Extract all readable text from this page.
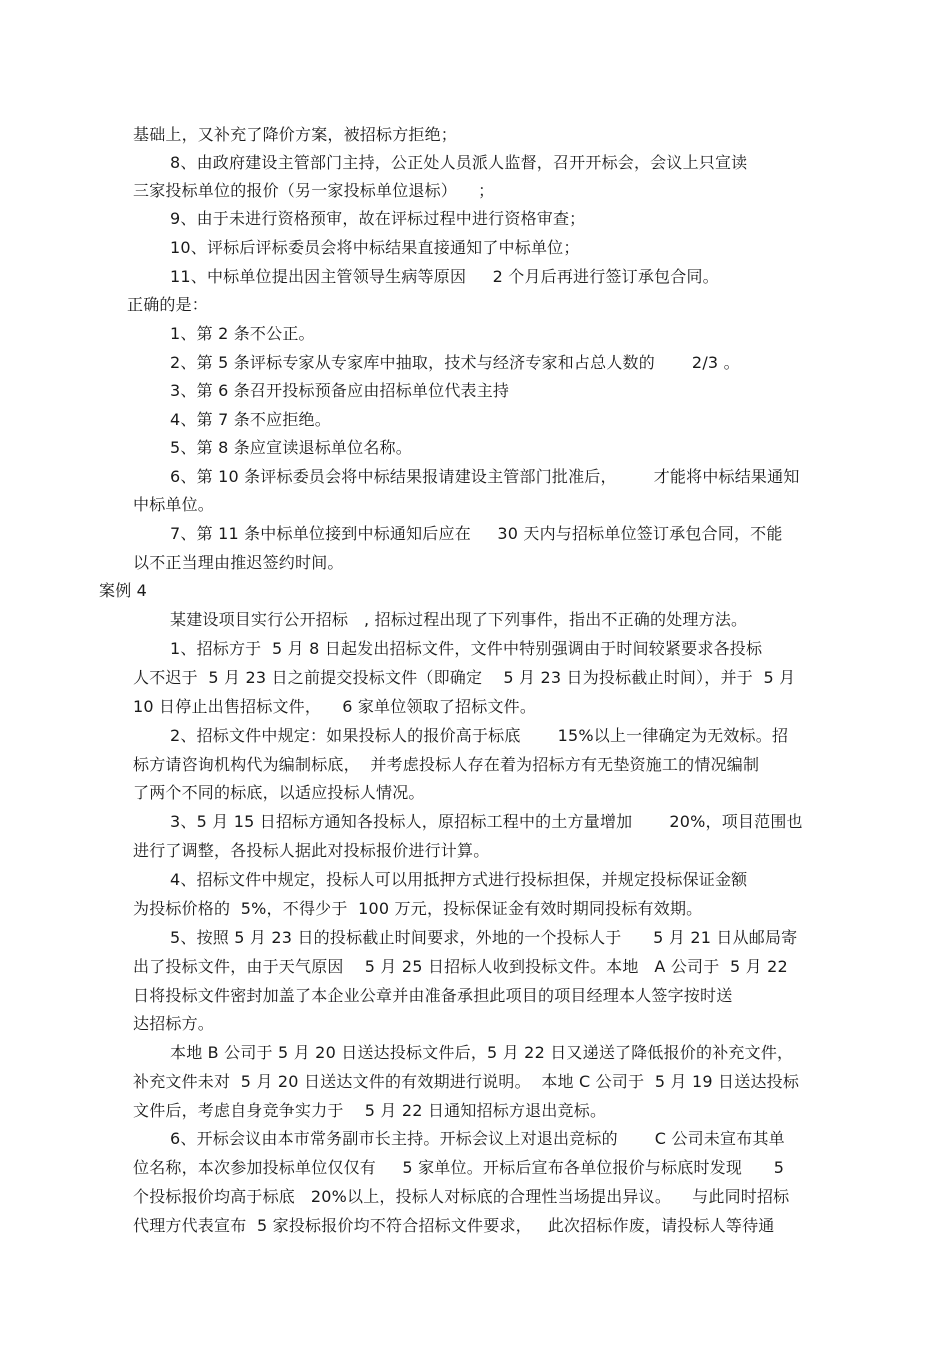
基础上，又补充了降价方案，被招标方拒绝；

8、由政府建设主管部门主持，公正处人员派人监督，召开开标会，会议上只宣读

三家投标单位的报价（另一家投标单位退标）    ；

9、由于未进行资格预审，故在评标过程中进行资格审查；

10、评标后评标委员会将中标结果直接通知了中标单位；

11、中标单位提出因主管领导生病等原因     2 个月后再进行签订承包合同。

正确的是：

1、第 2 条不公正。

2、第 5 条评标专家从专家库中抽取，技术与经济专家和占总人数的       2/3 。

3、第 6 条召开投标预备应由招标单位代表主持

4、第 7 条不应拒绝。

5、第 8 条应宣读退标单位名称。

6、第 10 条评标委员会将中标结果报请建设主管部门批准后，       才能将中标结果通知

中标单位。

7、第 11 条中标单位接到中标通知后应在     30 天内与招标单位签订承包合同，不能

以不正当理由推迟签约时间。

案例 4

某建设项目实行公开招标   , 招标过程出现了下列事件，指出不正确的处理方法。

1、招标方于  5 月 8 日起发出招标文件，文件中特别强调由于时间较紧要求各投标

人不迟于  5 月 23 日之前提交投标文件（即确定    5 月 23 日为投标截止时间），并于  5 月

10 日停止出售招标文件，    6 家单位领取了招标文件。

2、招标文件中规定：如果投标人的报价高于标底       15%以上一律确定为无效标。招

标方请咨询机构代为编制标底，  并考虑投标人存在着为招标方有无垫资施工的情况编制

了两个不同的标底，以适应投标人情况。

3、5 月 15 日招标方通知各投标人，原招标工程中的土方量增加       20%，项目范围也

进行了调整，各投标人据此对投标报价进行计算。

4、招标文件中规定，投标人可以用抵押方式进行投标担保，并规定投标保证金额

为投标价格的  5%，不得少于  100 万元，投标保证金有效时期同投标有效期。

5、按照 5 月 23 日的投标截止时间要求，外地的一个投标人于      5 月 21 日从邮局寄

出了投标文件，由于天气原因    5 月 25 日招标人收到投标文件。本地   A 公司于  5 月 22

日将投标文件密封加盖了本企业公章并由准备承担此项目的项目经理本人签字按时送

达招标方。

本地 B 公司于 5 月 20 日送达投标文件后，5 月 22 日又递送了降低报价的补充文件，

补充文件未对  5 月 20 日送达文件的有效期进行说明。  本地 C 公司于  5 月 19 日送达投标

文件后，考虑自身竞争实力于    5 月 22 日通知招标方退出竞标。

6、开标会议由本市常务副市长主持。开标会议上对退出竞标的       C 公司未宣布其单

位名称，本次参加投标单位仅仅有     5 家单位。开标后宣布各单位报价与标底时发现      5

个投标报价均高于标底   20%以上，投标人对标底的合理性当场提出异议。    与此同时招标

代理方代表宣布  5 家投标报价均不符合招标文件要求，   此次招标作废，请投标人等待通
